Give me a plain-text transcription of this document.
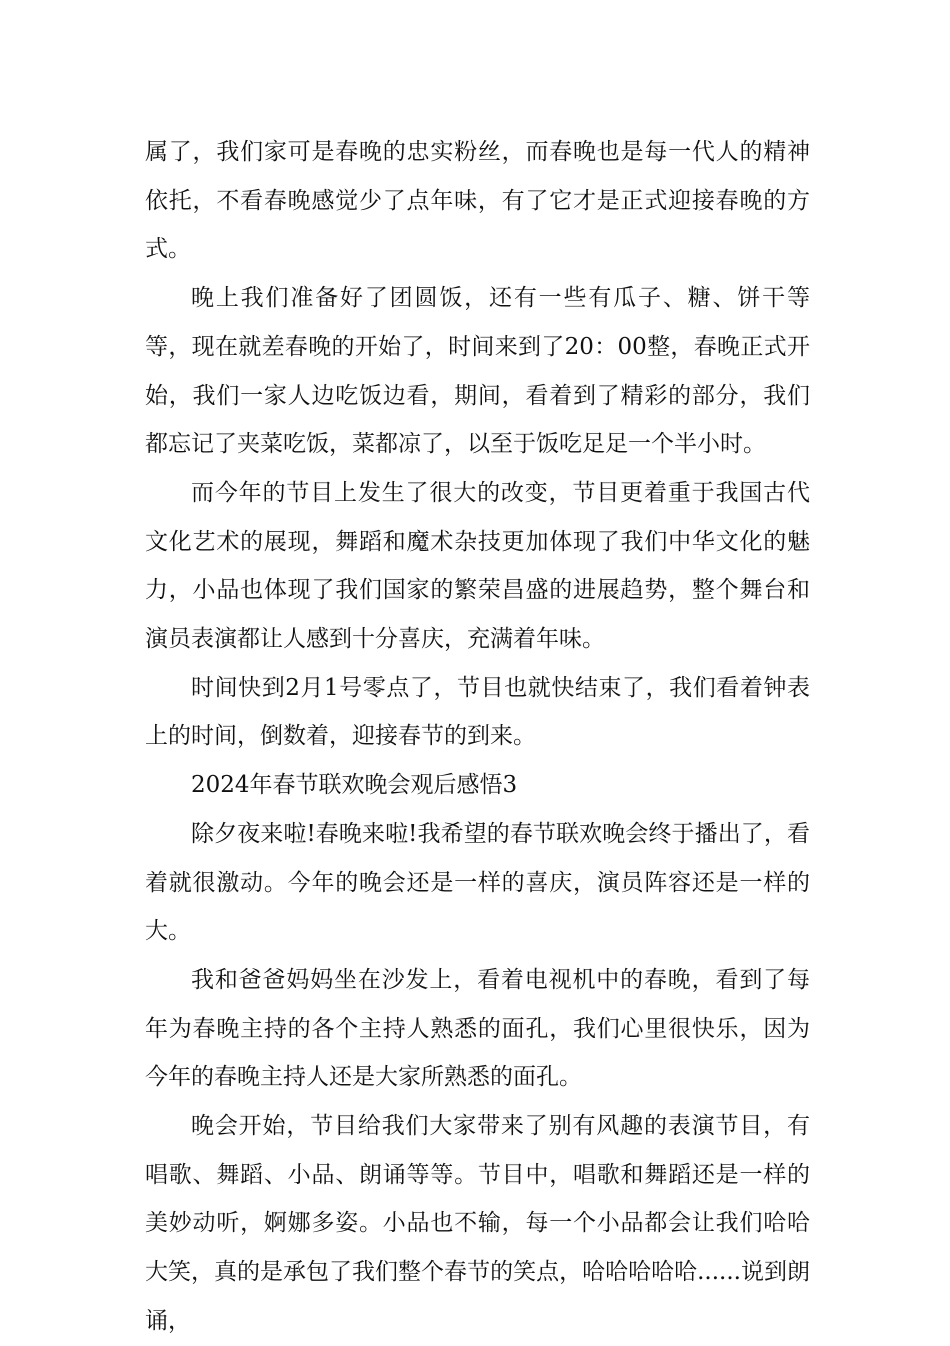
属了，我们家可是春晚的忠实粉丝，而春晚也是每一代人的精神依托，不看春晚感觉少了点年味，有了它才是正式迎接春晚的方式。

晚上我们准备好了团圆饭，还有一些有瓜子、糖、饼干等等，现在就差春晚的开始了，时间来到了20：00整，春晚正式开始，我们一家人边吃饭边看，期间，看着到了精彩的部分，我们都忘记了夹菜吃饭，菜都凉了，以至于饭吃足足一个半小时。

而今年的节目上发生了很大的改变，节目更着重于我国古代文化艺术的展现，舞蹈和魔术杂技更加体现了我们中华文化的魅力，小品也体现了我们国家的繁荣昌盛的进展趋势，整个舞台和演员表演都让人感到十分喜庆，充满着年味。

时间快到2月1号零点了，节目也就快结束了，我们看着钟表上的时间，倒数着，迎接春节的到来。

2024年春节联欢晚会观后感悟3

除夕夜来啦!春晚来啦!我希望的春节联欢晚会终于播出了，看着就很激动。今年的晚会还是一样的喜庆，演员阵容还是一样的大。

我和爸爸妈妈坐在沙发上，看着电视机中的春晚，看到了每年为春晚主持的各个主持人熟悉的面孔，我们心里很快乐，因为今年的春晚主持人还是大家所熟悉的面孔。

晚会开始，节目给我们大家带来了别有风趣的表演节目，有唱歌、舞蹈、小品、朗诵等等。节目中，唱歌和舞蹈还是一样的美妙动听，婀娜多姿。小品也不输，每一个小品都会让我们哈哈大笑，真的是承包了我们整个春节的笑点，哈哈哈哈哈......说到朗诵，
